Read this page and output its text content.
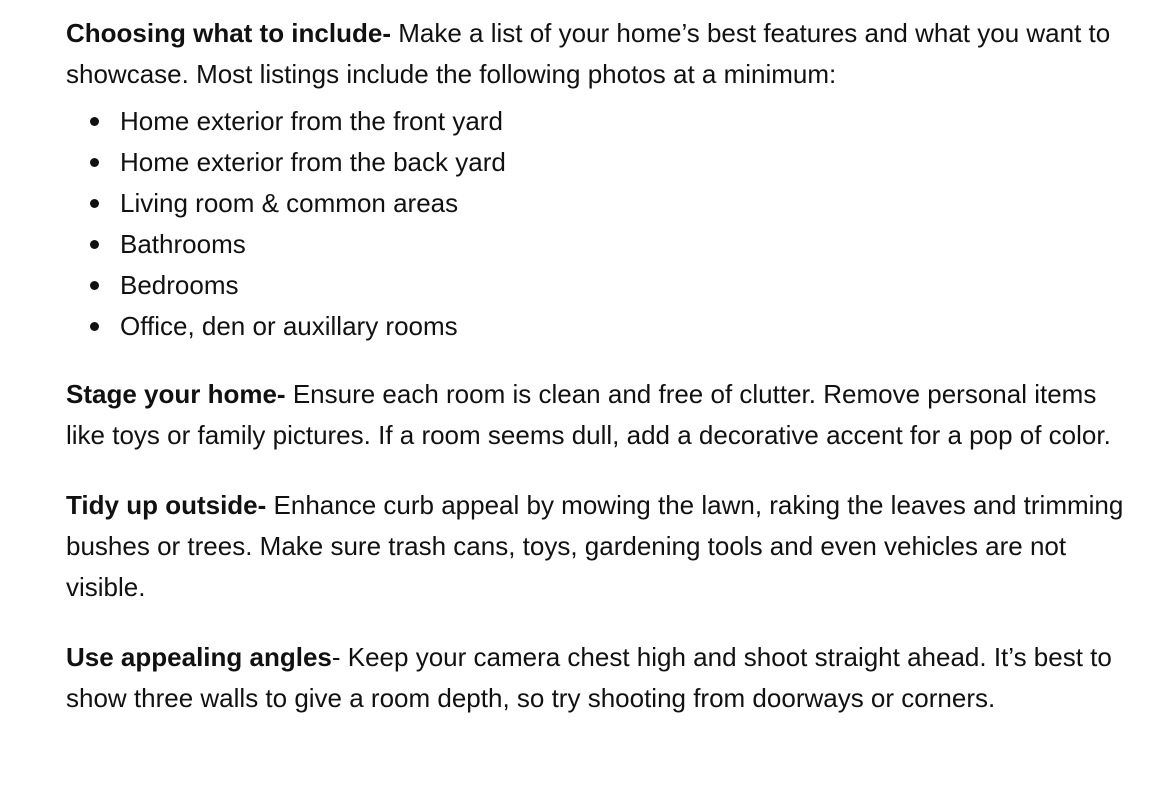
Choosing what to include- Make a list of your home’s best features and what you want to showcase. Most listings include the following photos at a minimum:

Home exterior from the front yard
Home exterior from the back yard
Living room & common areas
Bathrooms
Bedrooms
Office, den or auxillary rooms

Stage your home- Ensure each room is clean and free of clutter. Remove personal items like toys or family pictures. If a room seems dull, add a decorative accent for a pop of color.

Tidy up outside- Enhance curb appeal by mowing the lawn, raking the leaves and trimming bushes or trees. Make sure trash cans, toys, gardening tools and even vehicles are not visible.

Use appealing angles- Keep your camera chest high and shoot straight ahead. It’s best to show three walls to give a room depth, so try shooting from doorways or corners.
